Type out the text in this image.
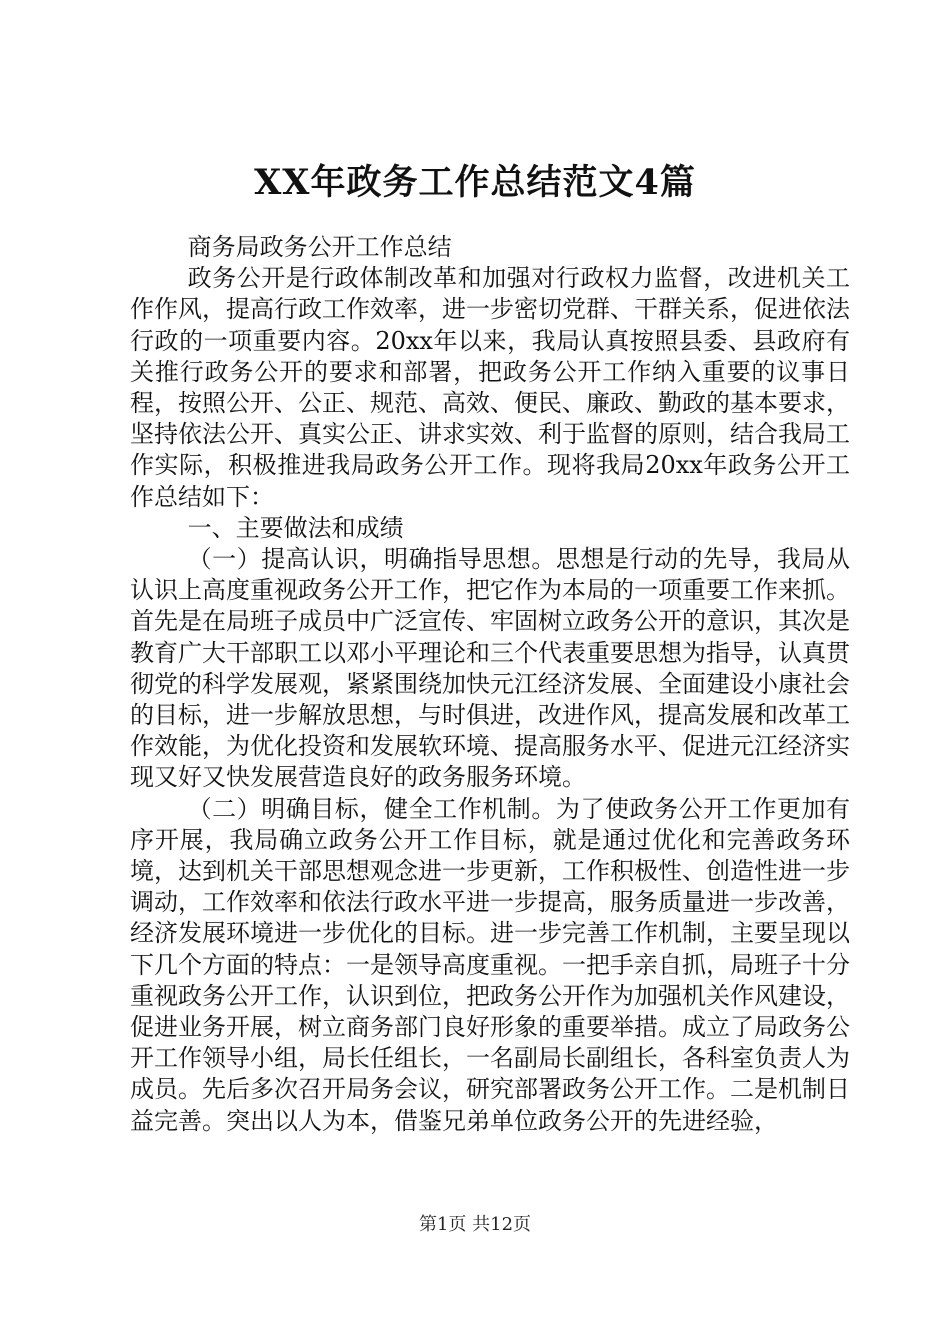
XX年政务工作总结范文4篇

商务局政务公开工作总结

政务公开是行政体制改革和加强对行政权力监督，改进机关工作作风，提高行政工作效率，进一步密切党群、干群关系，促进依法行政的一项重要内容。20xx年以来，我局认真按照县委、县政府有关推行政务公开的要求和部署，把政务公开工作纳入重要的议事日程，按照公开、公正、规范、高效、便民、廉政、勤政的基本要求，坚持依法公开、真实公正、讲求实效、利于监督的原则，结合我局工作实际，积极推进我局政务公开工作。现将我局20xx年政务公开工作总结如下：

一、主要做法和成绩

（一）提高认识，明确指导思想。思想是行动的先导，我局从认识上高度重视政务公开工作，把它作为本局的一项重要工作来抓。首先是在局班子成员中广泛宣传、牢固树立政务公开的意识，其次是教育广大干部职工以邓小平理论和三个代表重要思想为指导，认真贯彻党的科学发展观，紧紧围绕加快元江经济发展、全面建设小康社会的目标，进一步解放思想，与时俱进，改进作风，提高发展和改革工作效能，为优化投资和发展软环境、提高服务水平、促进元江经济实现又好又快发展营造良好的政务服务环境。

（二）明确目标，健全工作机制。为了使政务公开工作更加有序开展，我局确立政务公开工作目标，就是通过优化和完善政务环境，达到机关干部思想观念进一步更新，工作积极性、创造性进一步调动，工作效率和依法行政水平进一步提高，服务质量进一步改善，经济发展环境进一步优化的目标。进一步完善工作机制，主要呈现以下几个方面的特点：一是领导高度重视。一把手亲自抓，局班子十分重视政务公开工作，认识到位，把政务公开作为加强机关作风建设，促进业务开展，树立商务部门良好形象的重要举措。成立了局政务公开工作领导小组，局长任组长，一名副局长副组长，各科室负责人为成员。先后多次召开局务会议，研究部署政务公开工作。二是机制日益完善。突出以人为本，借鉴兄弟单位政务公开的先进经验，

第1页 共12页
